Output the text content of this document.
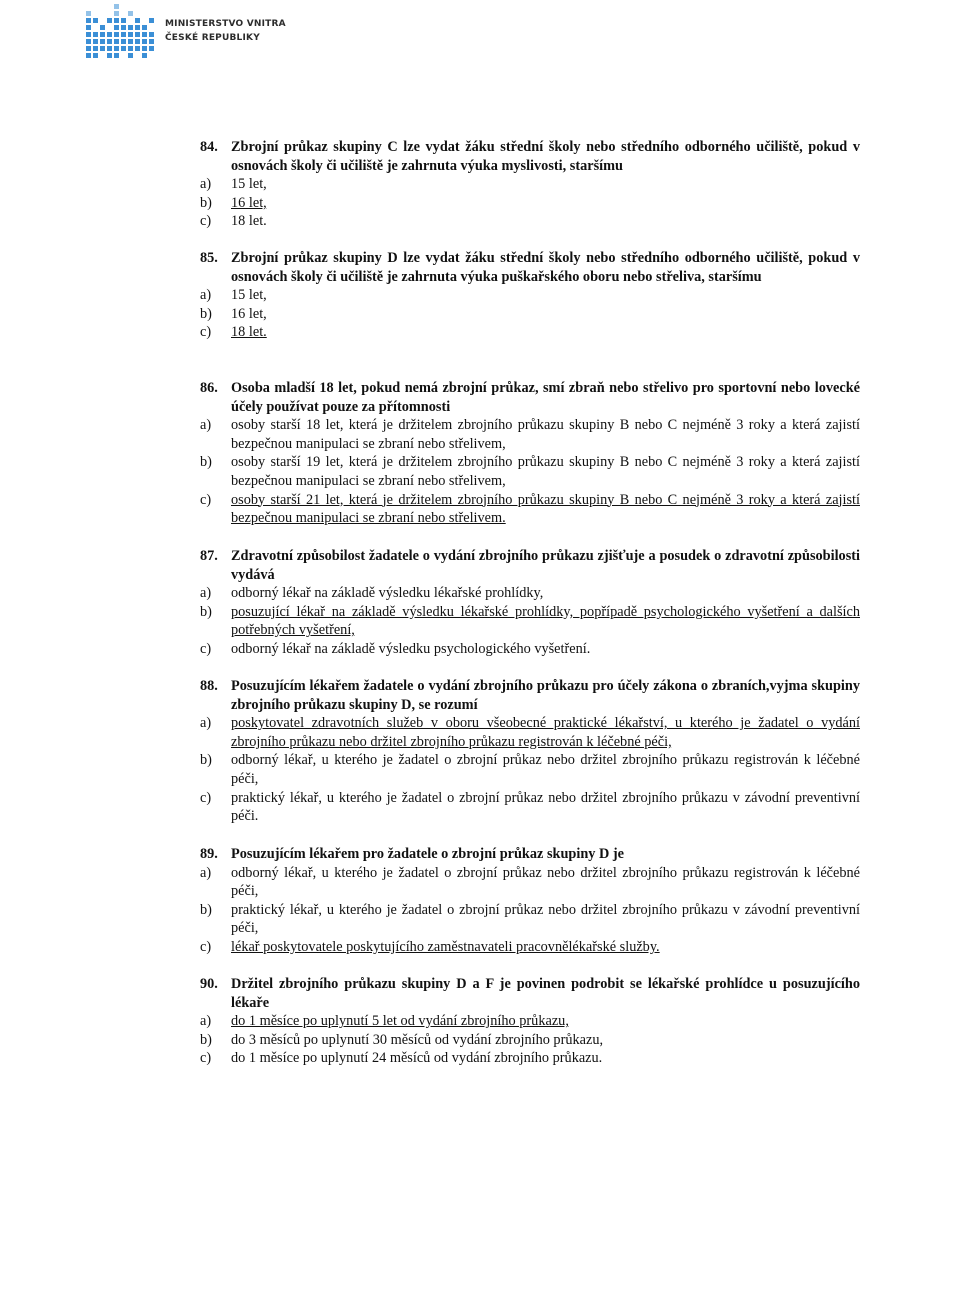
MINISTERSTVO VNITRA
ČESKÉ REPUBLIKY

84. Zbrojní průkaz skupiny C lze vydat žáku střední školy nebo středního odborného učiliště, pokud v osnovách školy či učiliště je zahrnuta výuka myslivosti, staršímu

a)	15 let,

b)	16 let,

c)	18 let.

85. Zbrojní průkaz skupiny D lze vydat žáku střední školy nebo středního odborného učiliště, pokud v osnovách školy či učiliště je zahrnuta výuka puškařského oboru nebo střeliva, staršímu

a)	15 let,

b)	16 let,

c)	18 let.

86. Osoba mladší 18 let, pokud nemá zbrojní průkaz, smí zbraň nebo střelivo pro sportovní nebo lovecké účely používat pouze za přítomnosti

a)	osoby starší 18 let, která je držitelem zbrojního průkazu skupiny B nebo C nejméně 3 roky a která zajistí bezpečnou manipulaci se zbraní nebo střelivem,

b)	osoby starší 19 let, která je držitelem zbrojního průkazu skupiny B nebo C nejméně 3 roky a která zajistí bezpečnou manipulaci se zbraní nebo střelivem,

c)	osoby starší 21 let, která je držitelem zbrojního průkazu skupiny B nebo C nejméně 3 roky a která zajistí bezpečnou manipulaci se zbraní nebo střelivem.

87. Zdravotní způsobilost žadatele o vydání zbrojního průkazu zjišťuje a posudek o zdravotní způsobilosti vydává

a)	odborný lékař na základě výsledku lékařské prohlídky,

b)	posuzující lékař na základě výsledku lékařské prohlídky, popřípadě psychologického vyšetření a dalších potřebných vyšetření,

c)	odborný lékař na základě výsledku psychologického vyšetření.

88. Posuzujícím lékařem žadatele o vydání zbrojního průkazu pro účely zákona o zbraních,vyjma skupiny zbrojního průkazu skupiny D, se rozumí

a)	poskytovatel zdravotních služeb v oboru všeobecné praktické lékařství, u kterého je žadatel o vydání zbrojního průkazu nebo držitel zbrojního průkazu registrován k léčebné péči,

b)	odborný lékař, u kterého je žadatel o zbrojní průkaz nebo držitel zbrojního průkazu registrován k léčebné péči,

c)	praktický lékař, u kterého je žadatel o zbrojní průkaz nebo držitel zbrojního průkazu v závodní preventivní péči.

89. Posuzujícím lékařem pro žadatele o zbrojní průkaz skupiny D je

a)	odborný lékař, u kterého je žadatel o zbrojní průkaz nebo držitel zbrojního průkazu registrován k léčebné péči,

b)	praktický lékař, u kterého je žadatel o zbrojní průkaz nebo držitel zbrojního průkazu v závodní preventivní péči,

c)	lékař poskytovatele poskytujícího zaměstnavateli pracovnělékařské služby.

90. Držitel zbrojního průkazu skupiny D a F je povinen podrobit se lékařské prohlídce u posuzujícího lékaře

a)	do 1 měsíce po uplynutí 5 let od vydání zbrojního průkazu,

b)	do 3 měsíců po uplynutí 30 měsíců od vydání zbrojního průkazu,

c)	do 1 měsíce po uplynutí 24 měsíců od vydání zbrojního průkazu.
